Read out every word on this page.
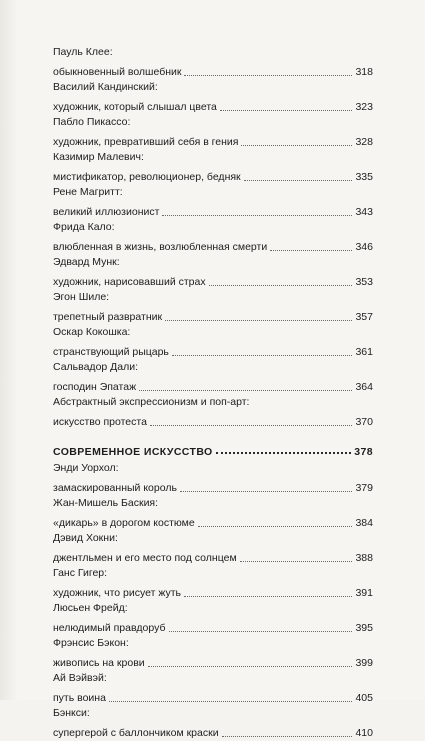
Пауль Клее:
обыкновенный волшебник	318
Василий Кандинский:
художник, который слышал цвета	323
Пабло Пикассо:
художник, превративший себя в гения	328
Казимир Малевич:
мистификатор, революционер, бедняк	335
Рене Магритт:
великий иллюзионист	343
Фрида Кало:
влюбленная в жизнь, возлюбленная смерти	346
Эдвард Мунк:
художник, нарисовавший страх	353
Эгон Шиле:
трепетный развратник	357
Оскар Кокошка:
странствующий рыцарь	361
Сальвадор Дали:
господин Эпатаж	364
Абстрактный экспрессионизм и поп-арт:
искусство протеста	370
СОВРЕМЕННОЕ ИСКУССТВО	378
Энди Уорхол:
замаскированный король	379
Жан-Мишель Баския:
«дикарь» в дорогом костюме	384
Дэвид Хокни:
джентльмен и его место под солнцем	388
Ганс Гигер:
художник, что рисует жуть	391
Люсьен Фрейд:
нелюдимый правдоруб	395
Фрэнсис Бэкон:
живопись на крови	399
Ай Вэйвэй:
путь воина	405
Бэнкси:
супергерой с баллончиком краски	410
